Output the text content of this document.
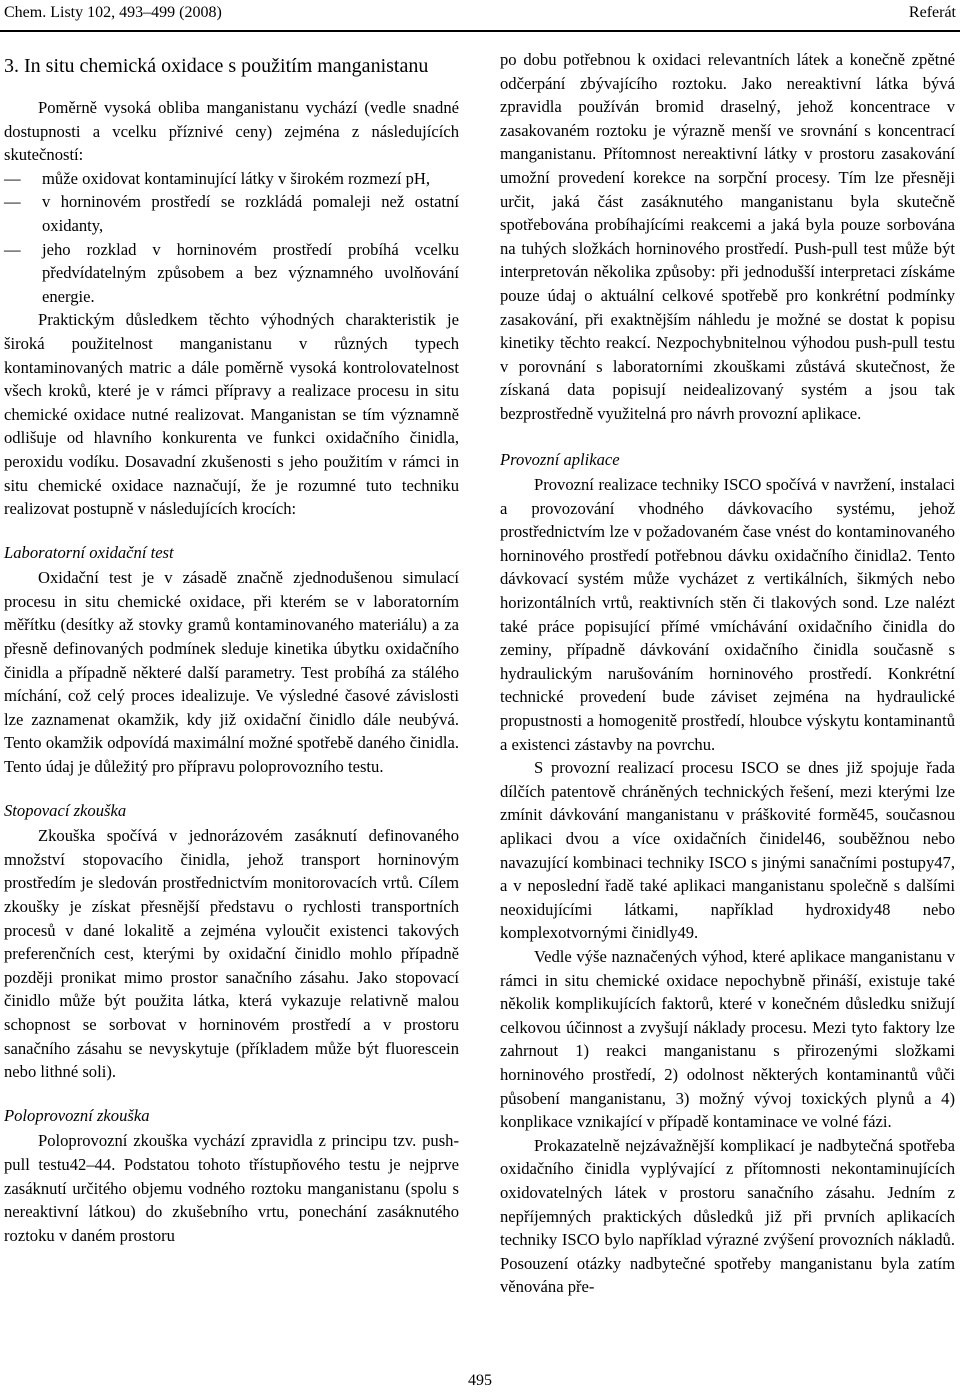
Chem. Listy 102, 493–499 (2008)	Referát
3. In situ chemická oxidace s použitím manganistanu

Poměrně vysoká obliba manganistanu vychází (vedle snadné dostupnosti a vcelku příznivé ceny) zejména z následujících skutečností:

— může oxidovat kontaminující látky v širokém rozmezí pH,
— v horninovém prostředí se rozkládá pomaleji než ostatní oxidanty,
— jeho rozklad v horninovém prostředí probíhá vcelku předvídatelným způsobem a bez významného uvolňování energie.

Praktickým důsledkem těchto výhodných charakteristik je široká použitelnost manganistanu v různých typech kontaminovaných matric a dále poměrně vysoká kontrolovatelnost všech kroků, které je v rámci přípravy a realizace procesu in situ chemické oxidace nutné realizovat. Manganistan se tím významně odlišuje od hlavního konkurenta ve funkci oxidačního činidla, peroxidu vodíku. Dosavadní zkušenosti s jeho použitím v rámci in situ chemické oxidace naznačují, že je rozumné tuto techniku realizovat postupně v následujících krocích:

Laboratorní oxidační test

Oxidační test je v zásadě značně zjednodušenou simulací procesu in situ chemické oxidace, při kterém se v laboratorním měřítku (desítky až stovky gramů kontaminovaného materiálu) a za přesně definovaných podmínek sleduje kinetika úbytku oxidačního činidla a případně některé další parametry. Test probíhá za stálého míchání, což celý proces idealizuje. Ve výsledné časové závislosti lze zaznamenat okamžik, kdy již oxidační činidlo dále neubývá. Tento okamžik odpovídá maximální možné spotřebě daného činidla. Tento údaj je důležitý pro přípravu poloprovozního testu.

Stopovací zkouška

Zkouška spočívá v jednorázovém zasáknutí definovaného množství stopovacího činidla, jehož transport horninovým prostředím je sledován prostřednictvím monitorovacích vrtů. Cílem zkoušky je získat přesnější představu o rychlosti transportních procesů v dané lokalitě a zejména vyloučit existenci takových preferenčních cest, kterými by oxidační činidlo mohlo případně později pronikat mimo prostor sanačního zásahu. Jako stopovací činidlo může být použita látka, která vykazuje relativně malou schopnost se sorbovat v horninovém prostředí a v prostoru sanačního zásahu se nevyskytuje (příkladem může být fluorescein nebo lithné soli).

Poloprovozní zkouška

Poloprovozní zkouška vychází zpravidla z principu tzv. push-pull testu42–44. Podstatou tohoto třístupňového testu je nejprve zasáknutí určitého objemu vodného roztoku manganistanu (spolu s nereaktivní látkou) do zkušebního vrtu, ponechání zasáknutého roztoku v daném prostoru

po dobu potřebnou k oxidaci relevantních látek a konečně zpětné odčerpání zbývajícího roztoku. Jako nereaktivní látka bývá zpravidla používán bromid draselný, jehož koncentrace v zasakovaném roztoku je výrazně menší ve srovnání s koncentrací manganistanu. Přítomnost nereaktivní látky v prostoru zasakování umožní provedení korekce na sorpční procesy. Tím lze přesněji určit, jaká část zasáknutého manganistanu byla skutečně spotřebována probíhajícími reakcemi a jaká byla pouze sorbována na tuhých složkách horninového prostředí. Push-pull test může být interpretován několika způsoby: při jednodušší interpretaci získáme pouze údaj o aktuální celkové spotřebě pro konkrétní podmínky zasakování, při exaktnějším náhledu je možné se dostat k popisu kinetiky těchto reakcí. Nezpochybnitelnou výhodou push-pull testu v porovnání s laboratorními zkouškami zůstává skutečnost, že získaná data popisují neidealizovaný systém a jsou tak bezprostředně využitelná pro návrh provozní aplikace.

Provozní aplikace

Provozní realizace techniky ISCO spočívá v navržení, instalaci a provozování vhodného dávkovacího systému, jehož prostřednictvím lze v požadovaném čase vnést do kontaminovaného horninového prostředí potřebnou dávku oxidačního činidla2. Tento dávkovací systém může vycházet z vertikálních, šikmých nebo horizontálních vrtů, reaktivních stěn či tlakových sond. Lze nalézt také práce popisující přímé vmíchávání oxidačního činidla do zeminy, případně dávkování oxidačního činidla současně s hydraulickým narušováním horninového prostředí. Konkrétní technické provedení bude záviset zejména na hydraulické propustnosti a homogenitě prostředí, hloubce výskytu kontaminantů a existenci zástavby na povrchu.

S provozní realizací procesu ISCO se dnes již spojuje řada dílčích patentově chráněných technických řešení, mezi kterými lze zmínit dávkování manganistanu v práškovité formě45, současnou aplikaci dvou a více oxidačních činidel46, souběžnou nebo navazující kombinaci techniky ISCO s jinými sanačními postupy47, a v neposlední řadě také aplikaci manganistanu společně s dalšími neoxidujícími látkami, například hydroxidy48 nebo komplexotvornými činidly49.

Vedle výše naznačených výhod, které aplikace manganistanu v rámci in situ chemické oxidace nepochybně přináší, existuje také několik komplikujících faktorů, které v konečném důsledku snižují celkovou účinnost a zvyšují náklady procesu. Mezi tyto faktory lze zahrnout 1) reakci manganistanu s přirozenými složkami horninového prostředí, 2) odolnost některých kontaminantů vůči působení manganistanu, 3) možný vývoj toxických plynů a 4) konplikace vznikající v případě kontaminace ve volné fázi.

Prokazatelně nejzávažnější komplikací je nadbytečná spotřeba oxidačního činidla vyplývající z přítomnosti nekontaminujících oxidovatelných látek v prostoru sanačního zásahu. Jedním z nepříjemných praktických důsledků již při prvních aplikacích techniky ISCO bylo například výrazné zvýšení provozních nákladů. Posouzení otázky nadbytečné spotřeby manganistanu byla zatím věnována pře-

495
